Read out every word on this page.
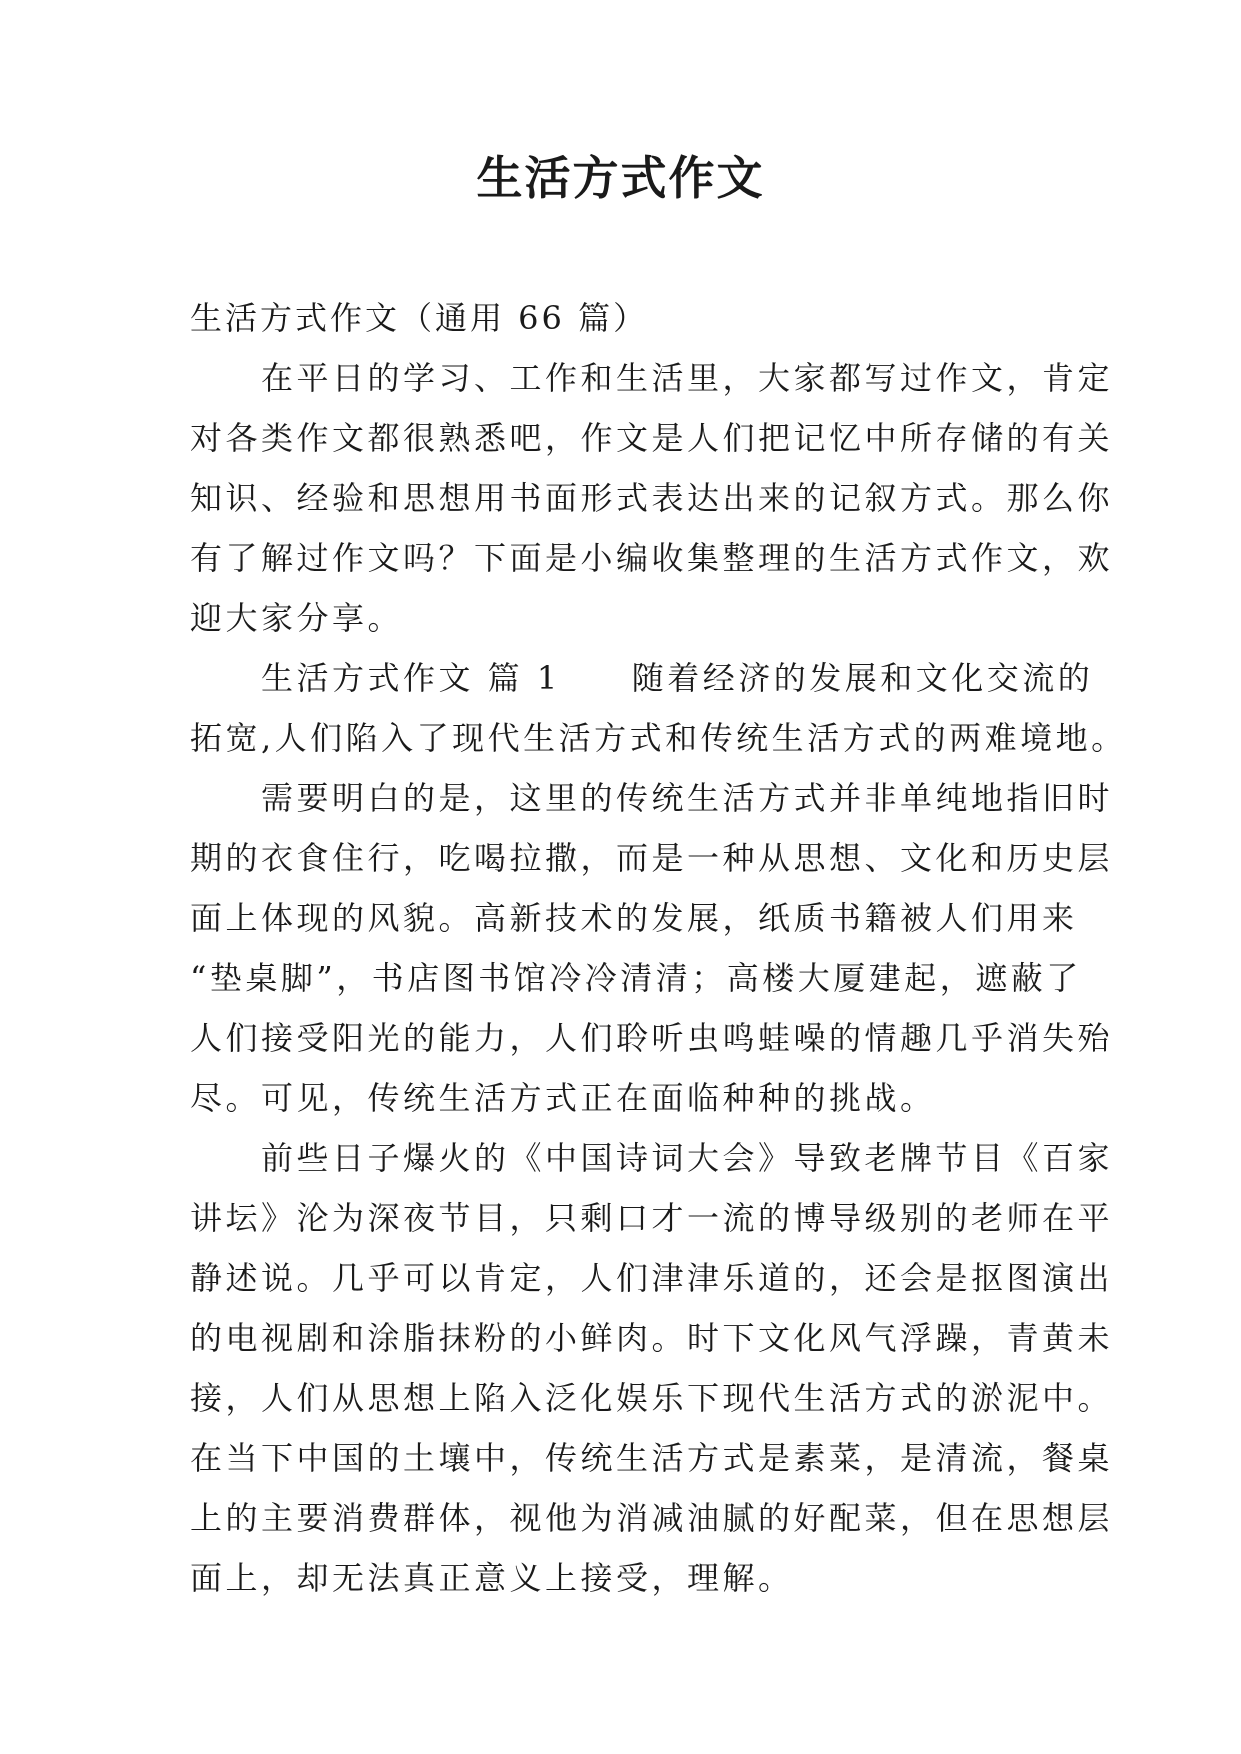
生活方式作文

生活方式作文（通用 66 篇）

　　在平日的学习、工作和生活里，大家都写过作文，肯定

对各类作文都很熟悉吧，作文是人们把记忆中所存储的有关

知识、经验和思想用书面形式表达出来的记叙方式。那么你

有了解过作文吗？下面是小编收集整理的生活方式作文，欢

迎大家分享。

　　生活方式作文 篇 1　　随着经济的发展和文化交流的

拓宽,人们陷入了现代生活方式和传统生活方式的两难境地。

　　需要明白的是，这里的传统生活方式并非单纯地指旧时

期的衣食住行，吃喝拉撒，而是一种从思想、文化和历史层

面上体现的风貌。高新技术的发展，纸质书籍被人们用来

“垫桌脚”，书店图书馆冷冷清清；高楼大厦建起，遮蔽了

人们接受阳光的能力，人们聆听虫鸣蛙噪的情趣几乎消失殆

尽。可见，传统生活方式正在面临种种的挑战。

　　前些日子爆火的《中国诗词大会》导致老牌节目《百家

讲坛》沦为深夜节目，只剩口才一流的博导级别的老师在平

静述说。几乎可以肯定，人们津津乐道的，还会是抠图演出

的电视剧和涂脂抹粉的小鲜肉。时下文化风气浮躁，青黄未

接，人们从思想上陷入泛化娱乐下现代生活方式的淤泥中。

在当下中国的土壤中，传统生活方式是素菜，是清流，餐桌

上的主要消费群体，视他为消减油腻的好配菜，但在思想层

面上，却无法真正意义上接受，理解。
